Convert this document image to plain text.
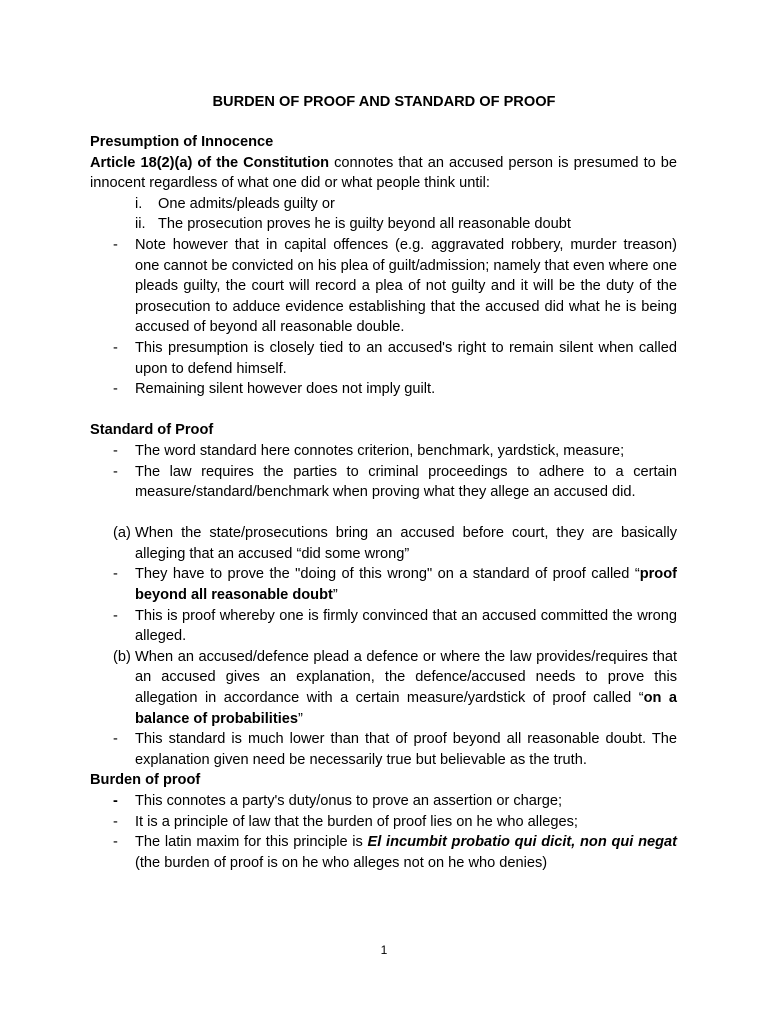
BURDEN OF PROOF AND STANDARD OF PROOF
Presumption of Innocence
Article 18(2)(a) of the Constitution connotes that an accused person is presumed to be innocent regardless of what one did or what people think until:
i. One admits/pleads guilty or
ii. The prosecution proves he is guilty beyond all reasonable doubt
- Note however that in capital offences (e.g. aggravated robbery, murder treason) one cannot be convicted on his plea of guilt/admission; namely that even where one pleads guilty, the court will record a plea of not guilty and it will be the duty of the prosecution to adduce evidence establishing that the accused did what he is being accused of beyond all reasonable double.
- This presumption is closely tied to an accused's right to remain silent when called upon to defend himself.
- Remaining silent however does not imply guilt.
Standard of Proof
- The word standard here connotes criterion, benchmark, yardstick, measure;
- The law requires the parties to criminal proceedings to adhere to a certain measure/standard/benchmark when proving what they allege an accused did.
(a) When the state/prosecutions bring an accused before court, they are basically alleging that an accused “did some wrong”
- They have to prove the "doing of this wrong" on a standard of proof called “proof beyond all reasonable doubt”
- This is proof whereby one is firmly convinced that an accused committed the wrong alleged.
(b) When an accused/defence plead a defence or where the law provides/requires that an accused gives an explanation, the defence/accused needs to prove this allegation in accordance with a certain measure/yardstick of proof called “on a balance of probabilities”
- This standard is much lower than that of proof beyond all reasonable doubt. The explanation given need be necessarily true but believable as the truth.
Burden of proof
- This connotes a party's duty/onus to prove an assertion or charge;
- It is a principle of law that the burden of proof lies on he who alleges;
- The latin maxim for this principle is El incumbit probatio qui dicit, non qui negat (the burden of proof is on he who alleges not on he who denies)
1
